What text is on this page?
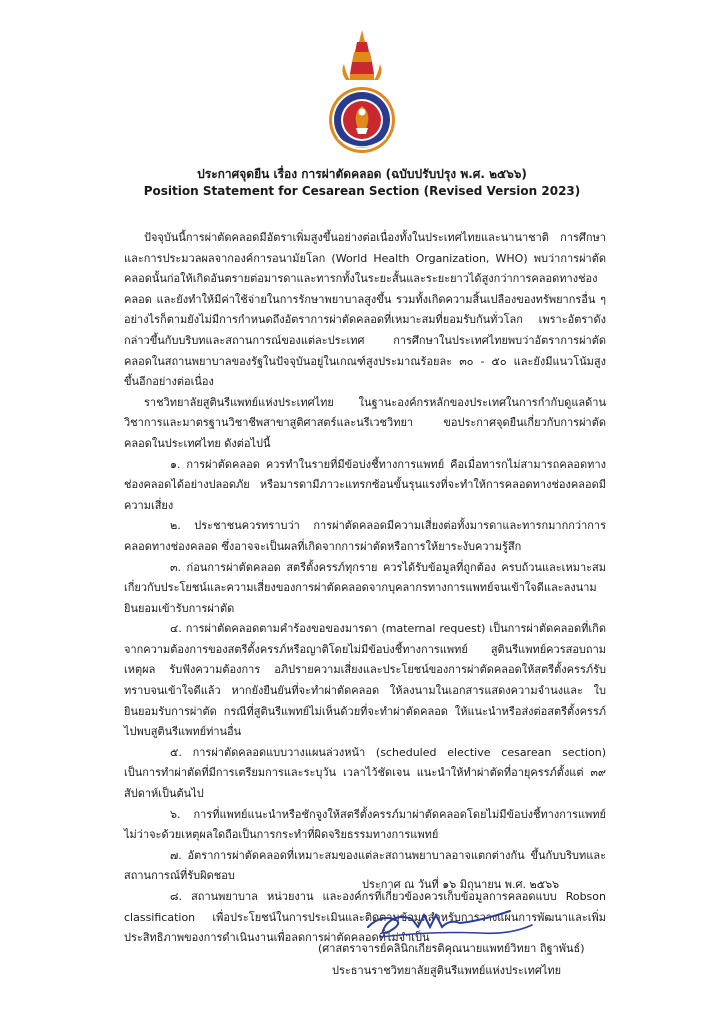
ประกาศจุดยืน เรื่อง การผ่าตัดคลอด (ฉบับปรับปรุง พ.ศ. ๒๕๖๖)
Position Statement for Cesarean Section (Revised Version 2023)

ปัจจุบันนี้การผ่าตัดคลอดมีอัตราเพิ่มสูงขึ้นอย่างต่อเนื่องทั้งในประเทศไทยและนานาชาติ การศึกษาและการประมวลผลจากองค์การอนามัยโลก (World Health Organization, WHO) พบว่าการผ่าตัดคลอดนั้นก่อให้เกิดอันตรายต่อมารดาและทารกทั้งในระยะสั้นและระยะยาวได้สูงกว่าการคลอดทางช่องคลอด และยังทำให้มีค่าใช้จ่ายในการรักษาพยาบาลสูงขึ้น รวมทั้งเกิดความสิ้นเปลืองของทรัพยากรอื่น ๆ อย่างไรก็ตามยังไม่มีการกำหนดถึงอัตราการผ่าตัดคลอดที่เหมาะสมที่ยอมรับกันทั่วโลก เพราะอัตราดังกล่าวขึ้นกับบริบทและสถานการณ์ของแต่ละประเทศ การศึกษาในประเทศไทยพบว่าอัตราการผ่าตัดคลอดในสถานพยาบาลของรัฐในปัจจุบันอยู่ในเกณฑ์สูงประมาณร้อยละ ๓๐ - ๕๐ และยังมีแนวโน้มสูงขึ้นอีกอย่างต่อเนื่อง

ราชวิทยาลัยสูตินรีแพทย์แห่งประเทศไทย ในฐานะองค์กรหลักของประเทศในการกำกับดูแลด้านวิชาการและมาตรฐานวิชาชีพสาขาสูติศาสตร์และนรีเวชวิทยา ขอประกาศจุดยืนเกี่ยวกับการผ่าตัดคลอดในประเทศไทย ดังต่อไปนี้

๑. การผ่าตัดคลอด ควรทำในรายที่มีข้อบ่งชี้ทางการแพทย์ คือเมื่อทารกไม่สามารถคลอดทางช่องคลอดได้อย่างปลอดภัย หรือมารดามีภาวะแทรกซ้อนขั้นรุนแรงที่จะทำให้การคลอดทางช่องคลอดมีความเสี่ยง

๒. ประชาชนควรทราบว่า การผ่าตัดคลอดมีความเสี่ยงต่อทั้งมารดาและทารกมากกว่าการคลอดทางช่องคลอด ซึ่งอาจจะเป็นผลที่เกิดจากการผ่าตัดหรือการให้ยาระงับความรู้สึก

๓. ก่อนการผ่าตัดคลอด สตรีตั้งครรภ์ทุกราย ควรได้รับข้อมูลที่ถูกต้อง ครบถ้วนและเหมาะสมเกี่ยวกับประโยชน์และความเสี่ยงของการผ่าตัดคลอดจากบุคลากรทางการแพทย์จนเข้าใจดีและลงนามยินยอมเข้ารับการผ่าตัด

๔. การผ่าตัดคลอดตามคำร้องขอของมารดา (maternal request) เป็นการผ่าตัดคลอดที่เกิดจากความต้องการของสตรีตั้งครรภ์หรือญาติโดยไม่มีข้อบ่งชี้ทางการแพทย์ สูตินรีแพทย์ควรสอบถามเหตุผล รับฟังความต้องการ อภิปรายความเสี่ยงและประโยชน์ของการผ่าตัดคลอดให้สตรีตั้งครรภ์รับทราบจนเข้าใจดีแล้ว หากยังยืนยันที่จะทำผ่าตัดคลอด ให้ลงนามในเอกสารแสดงความจำนงและ ใบยินยอมรับการผ่าตัด กรณีที่สูตินรีแพทย์ไม่เห็นด้วยที่จะทำผ่าตัดคลอด ให้แนะนำหรือส่งต่อสตรีตั้งครรภ์ไปพบสูตินรีแพทย์ท่านอื่น

๕. การผ่าตัดคลอดแบบวางแผนล่วงหน้า (scheduled elective cesarean section) เป็นการทำผ่าตัดที่มีการเตรียมการและระบุวัน เวลาไว้ชัดเจน แนะนำให้ทำผ่าตัดที่อายุครรภ์ตั้งแต่ ๓๙ สัปดาห์เป็นต้นไป

๖. การที่แพทย์แนะนำหรือชักจูงให้สตรีตั้งครรภ์มาผ่าตัดคลอดโดยไม่มีข้อบ่งชี้ทางการแพทย์ ไม่ว่าจะด้วยเหตุผลใดถือเป็นการกระทำที่ผิดจริยธรรมทางการแพทย์

๗. อัตราการผ่าตัดคลอดที่เหมาะสมของแต่ละสถานพยาบาลอาจแตกต่างกัน ขึ้นกับบริบทและสถานการณ์ที่รับผิดชอบ

๘. สถานพยาบาล หน่วยงาน และองค์กรที่เกี่ยวข้องควรเก็บข้อมูลการคลอดแบบ Robson classification เพื่อประโยชน์ในการประเมินและติดตามข้อมูลสำหรับการวางแผนการพัฒนาและเพิ่มประสิทธิภาพของการดำเนินงานเพื่อลดการผ่าตัดคลอดที่ไม่จำเป็น

ประกาศ ณ วันที่ ๑๖ มิถุนายน พ.ศ. ๒๕๖๖
(ศาสตราจารย์คลินิกเกียรติคุณนายแพทย์วิทยา ถิฐาพันธ์)
ประธานราชวิทยาลัยสูตินรีแพทย์แห่งประเทศไทย
